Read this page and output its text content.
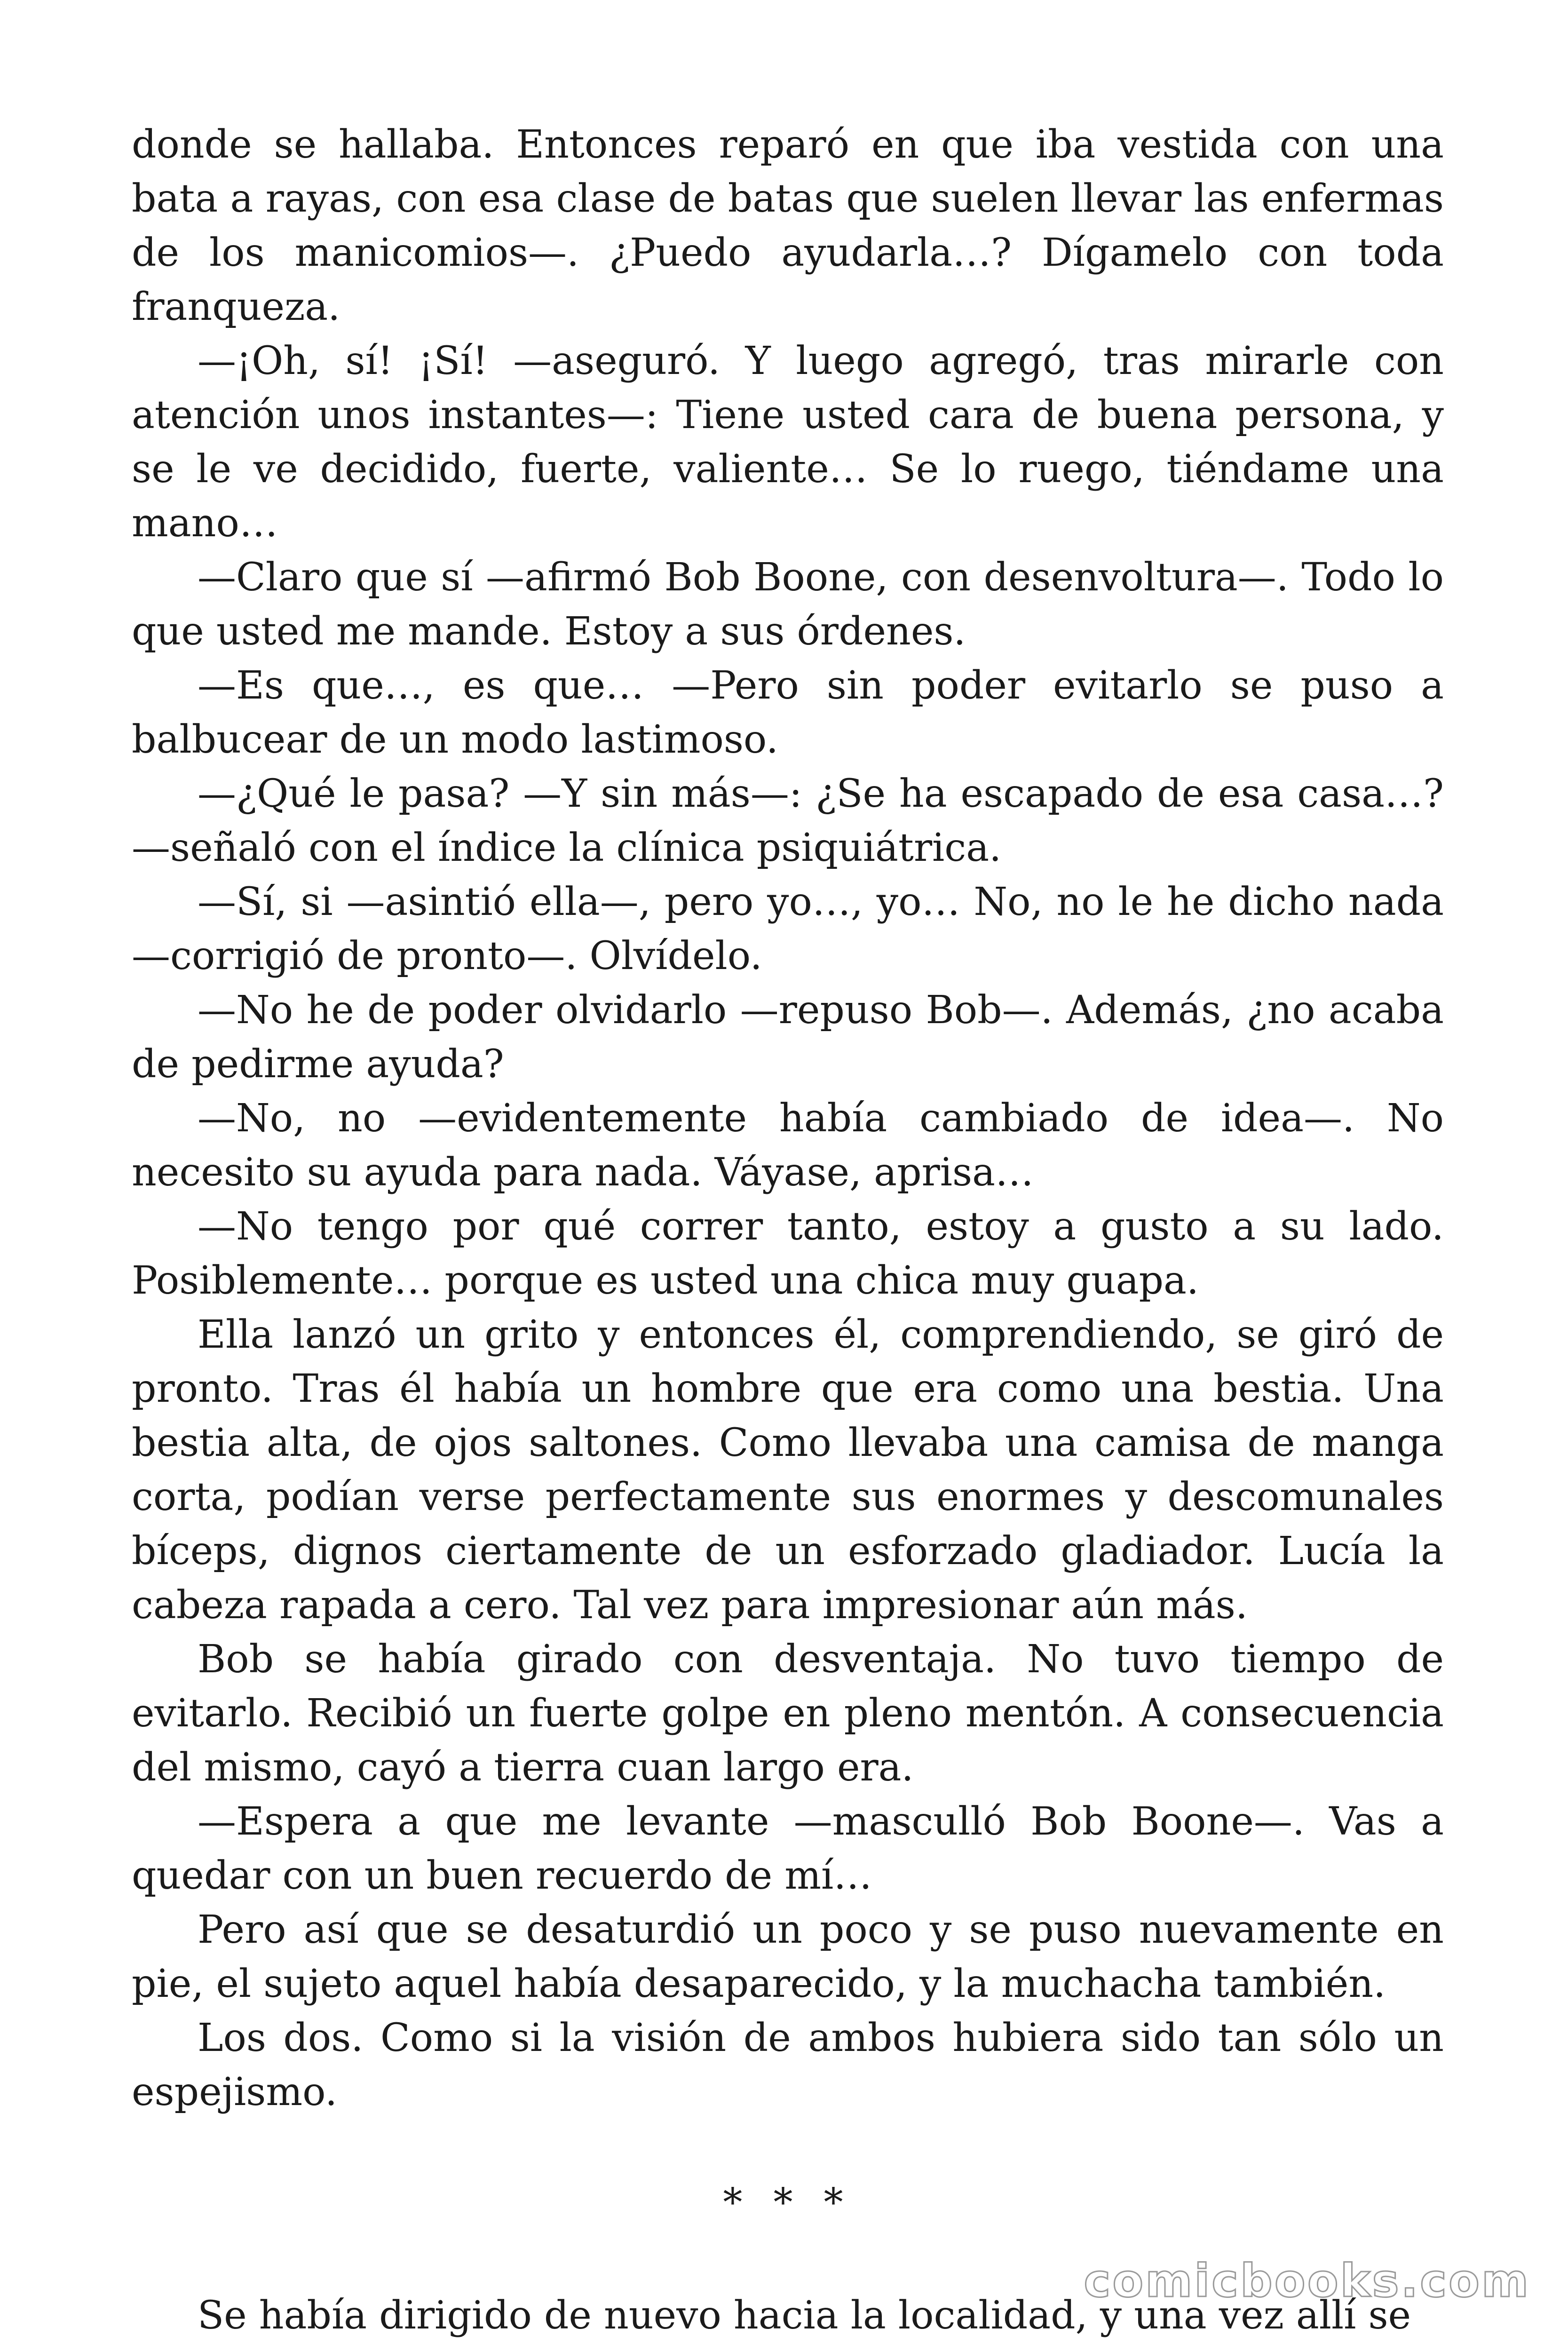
donde se hallaba. Entonces reparó en que iba vestida con una bata a rayas, con esa clase de batas que suelen llevar las enfermas de los manicomios—. ¿Puedo ayudarla…? Dígamelo con toda franqueza.

—¡Oh, sí! ¡Sí! —aseguró. Y luego agregó, tras mirarle con atención unos instantes—: Tiene usted cara de buena persona, y se le ve decidido, fuerte, valiente… Se lo ruego, tiéndame una mano…

—Claro que sí —afirmó Bob Boone, con desenvoltura—. Todo lo que usted me mande. Estoy a sus órdenes.

—Es que…, es que… —Pero sin poder evitarlo se puso a balbucear de un modo lastimoso.

—¿Qué le pasa? —Y sin más—: ¿Se ha escapado de esa casa…? —señaló con el índice la clínica psiquiátrica.

—Sí, si —asintió ella—, pero yo…, yo… No, no le he dicho nada —corrigió de pronto—. Olvídelo.

—No he de poder olvidarlo —repuso Bob—. Además, ¿no acaba de pedirme ayuda?

—No, no —evidentemente había cambiado de idea—. No necesito su ayuda para nada. Váyase, aprisa…

—No tengo por qué correr tanto, estoy a gusto a su lado. Posiblemente… porque es usted una chica muy guapa.

Ella lanzó un grito y entonces él, comprendiendo, se giró de pronto. Tras él había un hombre que era como una bestia. Una bestia alta, de ojos saltones. Como llevaba una camisa de manga corta, podían verse perfectamente sus enormes y descomunales bíceps, dignos ciertamente de un esforzado gladiador. Lucía la cabeza rapada a cero. Tal vez para impresionar aún más.

Bob se había girado con desventaja. No tuvo tiempo de evitarlo. Recibió un fuerte golpe en pleno mentón. A consecuencia del mismo, cayó a tierra cuan largo era.

—Espera a que me levante —masculló Bob Boone—. Vas a quedar con un buen recuerdo de mí…

Pero así que se desaturdió un poco y se puso nuevamente en pie, el sujeto aquel había desaparecido, y la muchacha también.

Los dos. Como si la visión de ambos hubiera sido tan sólo un espejismo.

* * *

Se había dirigido de nuevo hacia la localidad, y una vez allí se

comicbooks.com
